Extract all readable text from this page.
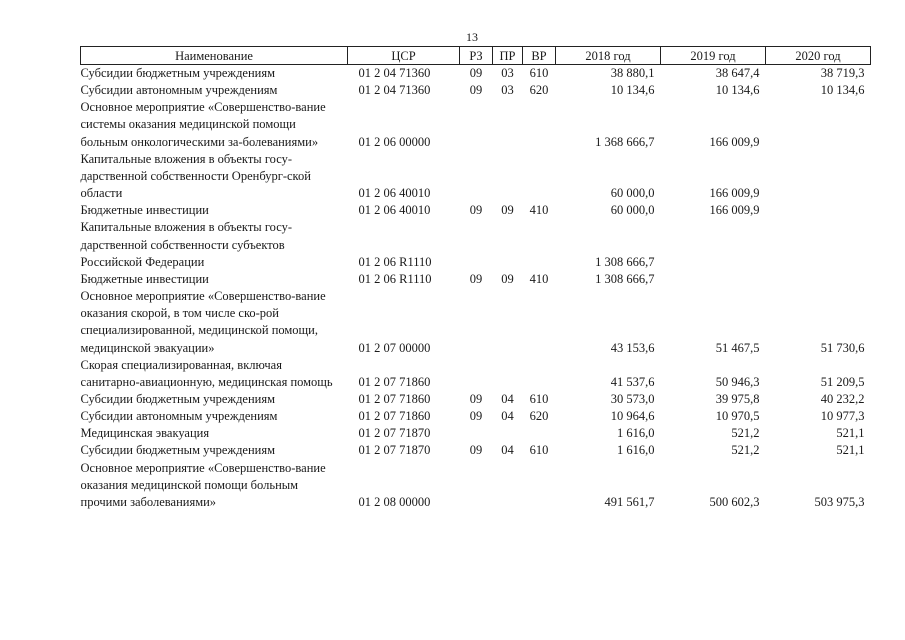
13
Наименование	ЦСР	РЗ	ПР	ВР	2018 год	2019 год	2020 год
Субсидии бюджетным учреждениям	01 2 04 71360	09	03	610	38 880,1	38 647,4	38 719,3
Субсидии автономным учреждениям	01 2 04 71360	09	03	620	10 134,6	10 134,6	10 134,6
Основное мероприятие «Совершенство-вание системы оказания медицинской помощи больным онкологическими за-болеваниями»	01 2 06 00000				1 368 666,7	166 009,9	
Капитальные вложения в объекты госу-дарственной собственности Оренбург-ской области	01 2 06 40010				60 000,0	166 009,9	
Бюджетные инвестиции	01 2 06 40010	09	09	410	60 000,0	166 009,9	
Капитальные вложения в объекты госу-дарственной собственности субъектов Российской Федерации	01 2 06 R1110				1 308 666,7		
Бюджетные инвестиции	01 2 06 R1110	09	09	410	1 308 666,7		
Основное мероприятие «Совершенство-вание оказания скорой, в том числе ско-рой специализированной, медицинской помощи, медицинской эвакуации»	01 2 07 00000				43 153,6	51 467,5	51 730,6
Скорая специализированная, включая санитарно-авиационную, медицинская помощь	01 2 07 71860				41 537,6	50 946,3	51 209,5
Субсидии бюджетным учреждениям	01 2 07 71860	09	04	610	30 573,0	39 975,8	40 232,2
Субсидии автономным учреждениям	01 2 07 71860	09	04	620	10 964,6	10 970,5	10 977,3
Медицинская эвакуация	01 2 07 71870				1 616,0	521,2	521,1
Субсидии бюджетным учреждениям	01 2 07 71870	09	04	610	1 616,0	521,2	521,1
Основное мероприятие «Совершенство-вание оказания медицинской помощи больным прочими заболеваниями»	01 2 08 00000				491 561,7	500 602,3	503 975,3
